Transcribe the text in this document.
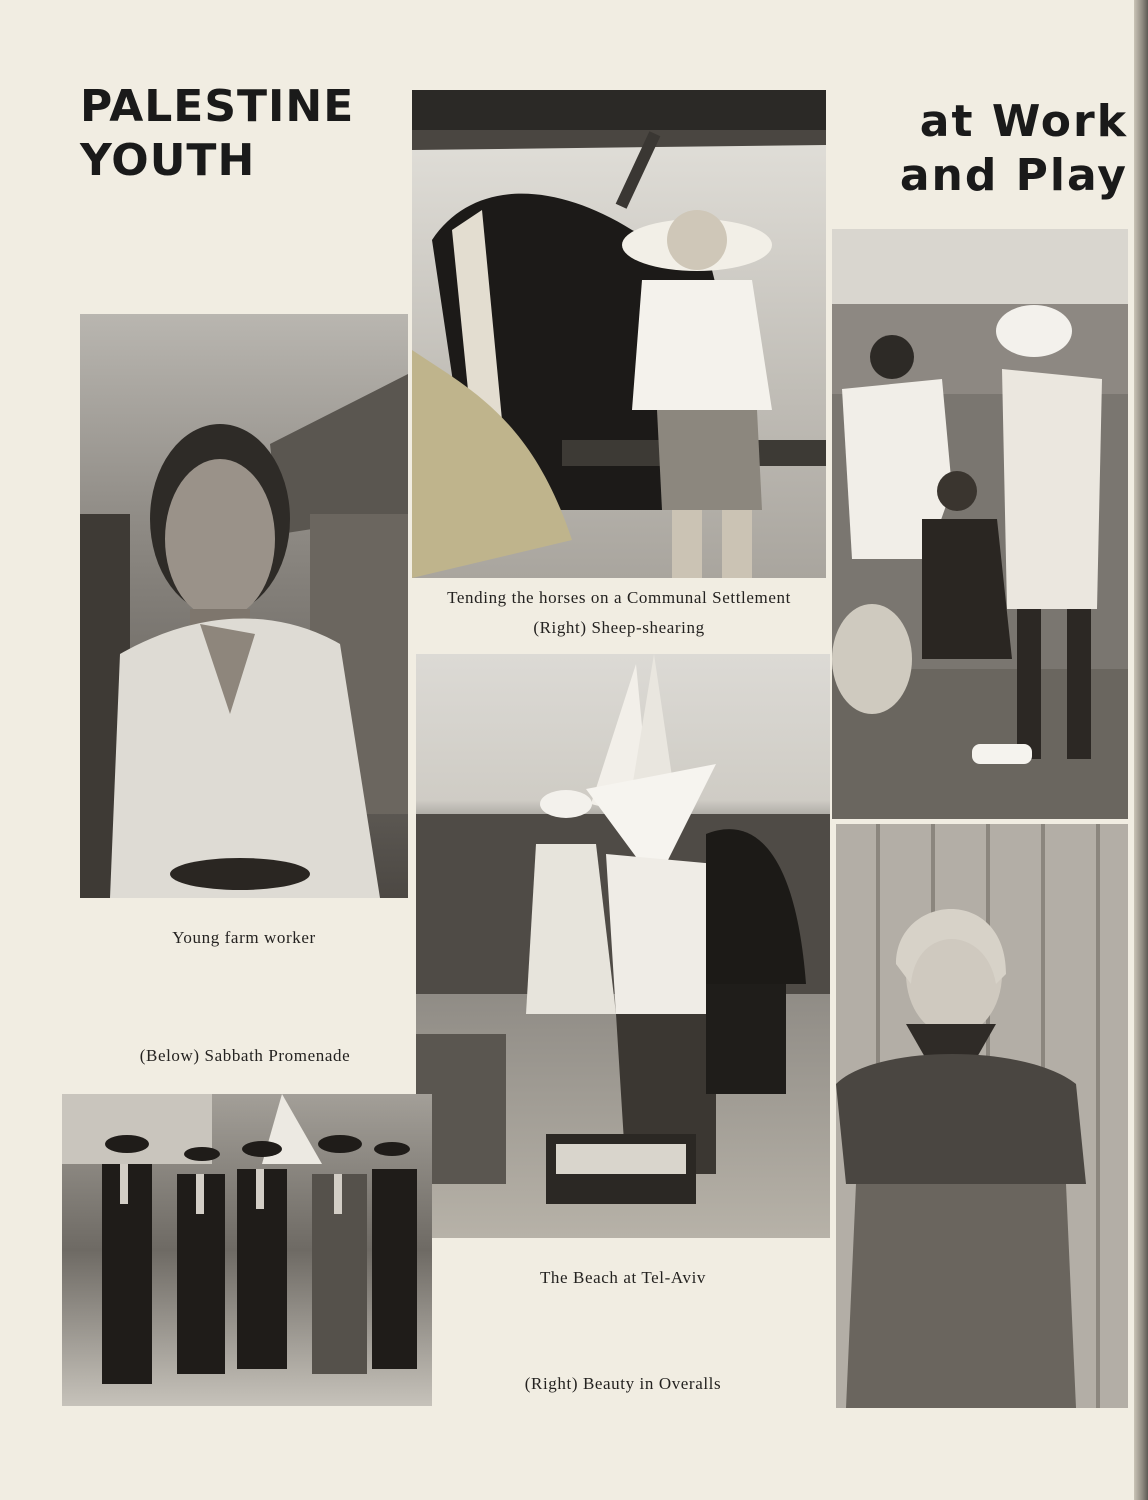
PALESTINE
YOUTH
at Work
and Play
Tending the horses on a Communal Settlement
(Right) Sheep-shearing
Young farm worker
(Below) Sabbath Promenade
The Beach at Tel-Aviv
(Right) Beauty in Overalls
